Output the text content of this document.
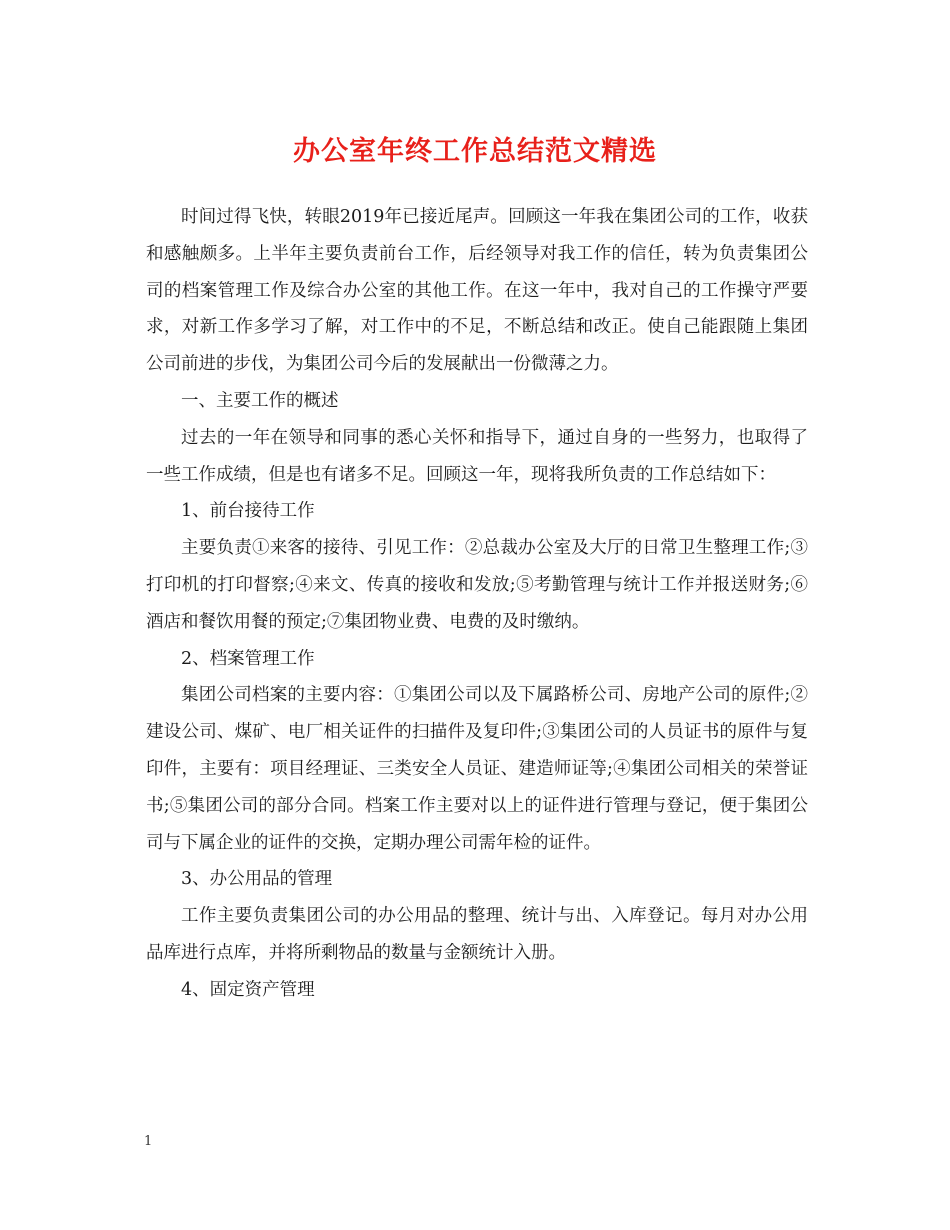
办公室年终工作总结范文精选

时间过得飞快，转眼2019年已接近尾声。回顾这一年我在集团公司的工作，收获和感触颇多。上半年主要负责前台工作，后经领导对我工作的信任，转为负责集团公司的档案管理工作及综合办公室的其他工作。在这一年中，我对自己的工作操守严要求，对新工作多学习了解，对工作中的不足，不断总结和改正。使自己能跟随上集团公司前进的步伐，为集团公司今后的发展献出一份微薄之力。

一、主要工作的概述

过去的一年在领导和同事的悉心关怀和指导下，通过自身的一些努力，也取得了一些工作成绩，但是也有诸多不足。回顾这一年，现将我所负责的工作总结如下：

1、前台接待工作

主要负责①来客的接待、引见工作：②总裁办公室及大厅的日常卫生整理工作;③打印机的打印督察;④来文、传真的接收和发放;⑤考勤管理与统计工作并报送财务;⑥酒店和餐饮用餐的预定;⑦集团物业费、电费的及时缴纳。

2、档案管理工作

集团公司档案的主要内容：①集团公司以及下属路桥公司、房地产公司的原件;②建设公司、煤矿、电厂相关证件的扫描件及复印件;③集团公司的人员证书的原件与复印件，主要有：项目经理证、三类安全人员证、建造师证等;④集团公司相关的荣誉证书;⑤集团公司的部分合同。档案工作主要对以上的证件进行管理与登记，便于集团公司与下属企业的证件的交换，定期办理公司需年检的证件。

3、办公用品的管理

工作主要负责集团公司的办公用品的整理、统计与出、入库登记。每月对办公用品库进行点库，并将所剩物品的数量与金额统计入册。

4、固定资产管理

1
